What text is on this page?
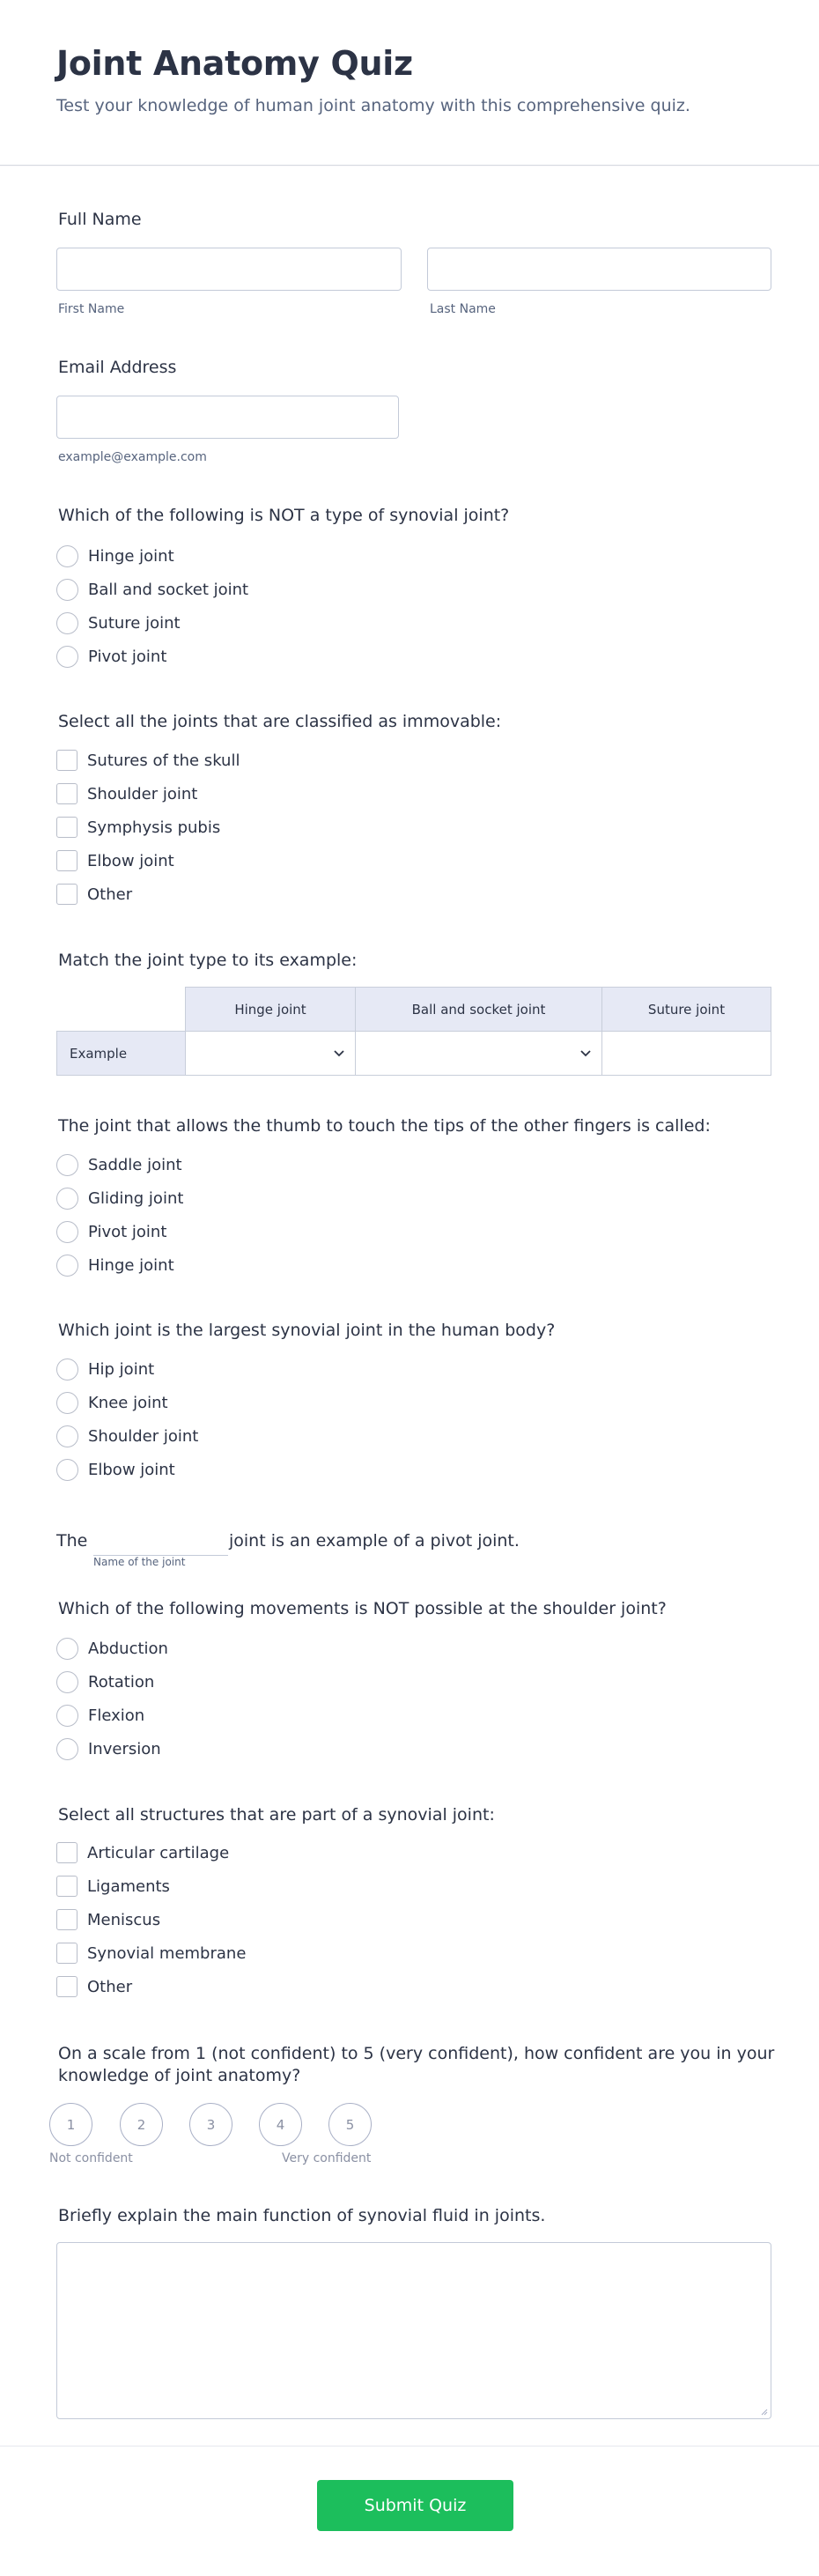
Joint Anatomy Quiz
Test your knowledge of human joint anatomy with this comprehensive quiz.
Full Name
First Name	Last Name
Email Address
example@example.com
Which of the following is NOT a type of synovial joint?
Hinge joint
Ball and socket joint
Suture joint
Pivot joint
Select all the joints that are classified as immovable:
Sutures of the skull
Shoulder joint
Symphysis pubis
Elbow joint
Other
Match the joint type to its example:
	Hinge joint	Ball and socket joint	Suture joint
Example	

The joint that allows the thumb to touch the tips of the other fingers is called:
Saddle joint
Gliding joint
Pivot joint
Hinge joint
Which joint is the largest synovial joint in the human body?
Hip joint
Knee joint
Shoulder joint
Elbow joint
The	joint is an example of a pivot joint.
Name of the joint
Which of the following movements is NOT possible at the shoulder joint?
Abduction
Rotation
Flexion
Inversion
Select all structures that are part of a synovial joint:
Articular cartilage
Ligaments
Meniscus
Synovial membrane
Other
On a scale from 1 (not confident) to 5 (very confident), how confident are you in your
knowledge of joint anatomy?
1	2	3	4	5
Not confident	Very confident
Briefly explain the main function of synovial fluid in joints.
Submit Quiz
